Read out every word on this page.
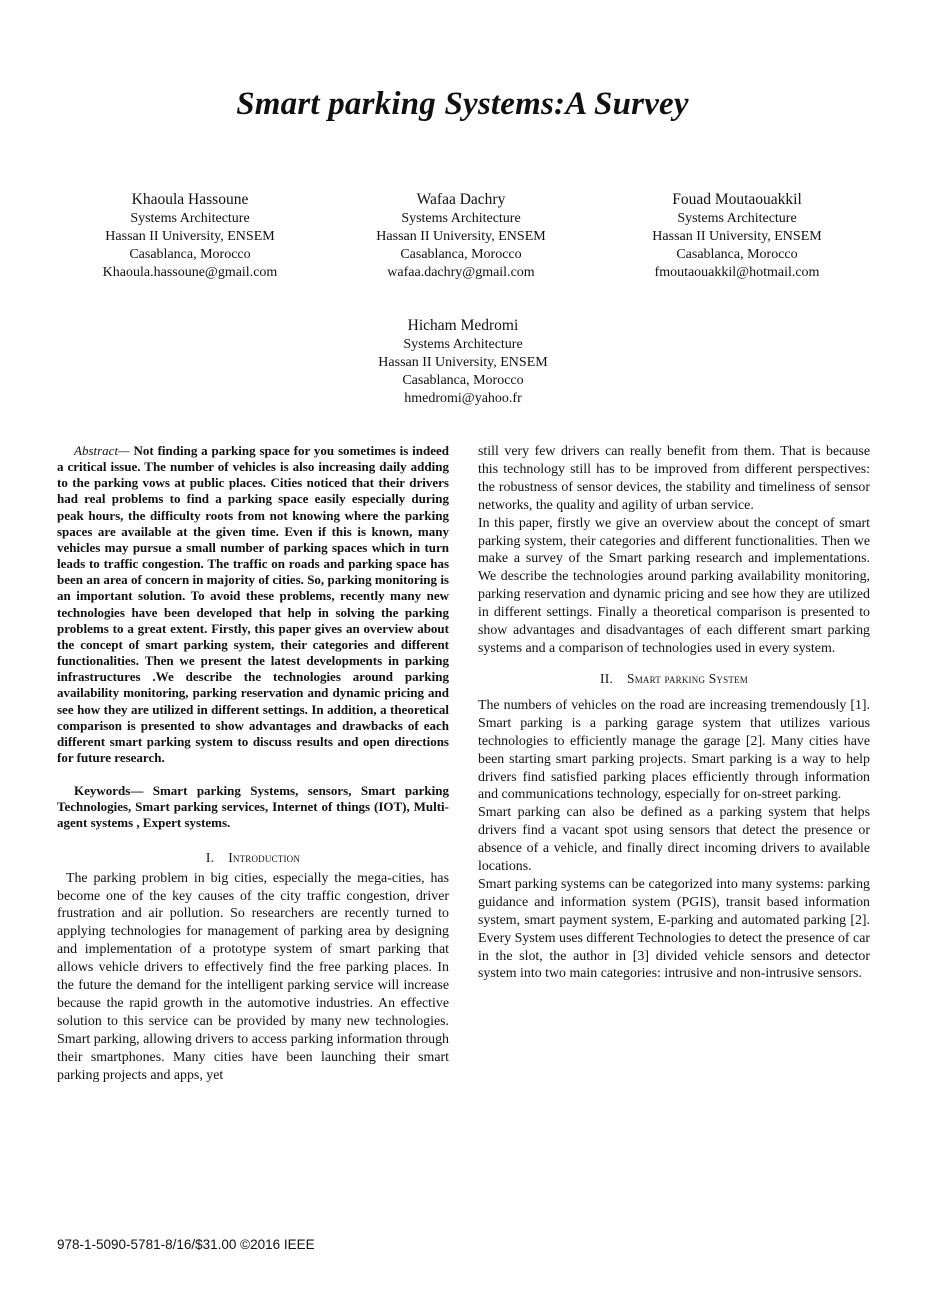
Smart parking Systems:A Survey
Khaoula Hassoune
Systems Architecture
Hassan II University, ENSEM
Casablanca, Morocco
Khaoula.hassoune@gmail.com
Wafaa Dachry
Systems Architecture
Hassan II University, ENSEM
Casablanca, Morocco
wafaa.dachry@gmail.com
Fouad Moutaouakkil
Systems Architecture
Hassan II University, ENSEM
Casablanca, Morocco
fmoutaouakkil@hotmail.com
Hicham Medromi
Systems Architecture
Hassan II University, ENSEM
Casablanca, Morocco
hmedromi@yahoo.fr

Abstract— Not finding a parking space for you sometimes is indeed a critical issue. The number of vehicles is also increasing daily adding to the parking vows at public places. Cities noticed that their drivers had real problems to find a parking space easily especially during peak hours, the difficulty roots from not knowing where the parking spaces are available at the given time. Even if this is known, many vehicles may pursue a small number of parking spaces which in turn leads to traffic congestion. The traffic on roads and parking space has been an area of concern in majority of cities. So, parking monitoring is an important solution. To avoid these problems, recently many new technologies have been developed that help in solving the parking problems to a great extent. Firstly, this paper gives an overview about the concept of smart parking system, their categories and different functionalities. Then we present the latest developments in parking infrastructures .We describe the technologies around parking availability monitoring, parking reservation and dynamic pricing and see how they are utilized in different settings. In addition, a theoretical comparison is presented to show advantages and drawbacks of each different smart parking system to discuss results and open directions for future research.

Keywords— Smart parking Systems, sensors, Smart parking Technologies, Smart parking services, Internet of things (IOT), Multi-agent systems , Expert systems.

I. Introduction

The parking problem in big cities, especially the mega-cities, has become one of the key causes of the city traffic congestion, driver frustration and air pollution. So researchers are recently turned to applying technologies for management of parking area by designing and implementation of a prototype system of smart parking that allows vehicle drivers to effectively find the free parking places. In the future the demand for the intelligent parking service will increase because the rapid growth in the automotive industries. An effective solution to this service can be provided by many new technologies. Smart parking, allowing drivers to access parking information through their smartphones. Many cities have been launching their smart parking projects and apps, yet

still very few drivers can really benefit from them. That is because this technology still has to be improved from different perspectives: the robustness of sensor devices, the stability and timeliness of sensor networks, the quality and agility of urban service.

In this paper, firstly we give an overview about the concept of smart parking system, their categories and different functionalities. Then we make a survey of the Smart parking research and implementations. We describe the technologies around parking availability monitoring, parking reservation and dynamic pricing and see how they are utilized in different settings. Finally a theoretical comparison is presented to show advantages and disadvantages of each different smart parking systems and a comparison of technologies used in every system.

II. Smart parking System

The numbers of vehicles on the road are increasing tremendously [1]. Smart parking is a parking garage system that utilizes various technologies to efficiently manage the garage [2]. Many cities have been starting smart parking projects. Smart parking is a way to help drivers find satisfied parking places efficiently through information and communications technology, especially for on-street parking.

Smart parking can also be defined as a parking system that helps drivers find a vacant spot using sensors that detect the presence or absence of a vehicle, and finally direct incoming drivers to available locations.

Smart parking systems can be categorized into many systems: parking guidance and information system (PGIS), transit based information system, smart payment system, E-parking and automated parking [2]. Every System uses different Technologies to detect the presence of car in the slot, the author in [3] divided vehicle sensors and detector system into two main categories: intrusive and non-intrusive sensors.

978-1-5090-5781-8/16/$31.00 ©2016 IEEE
